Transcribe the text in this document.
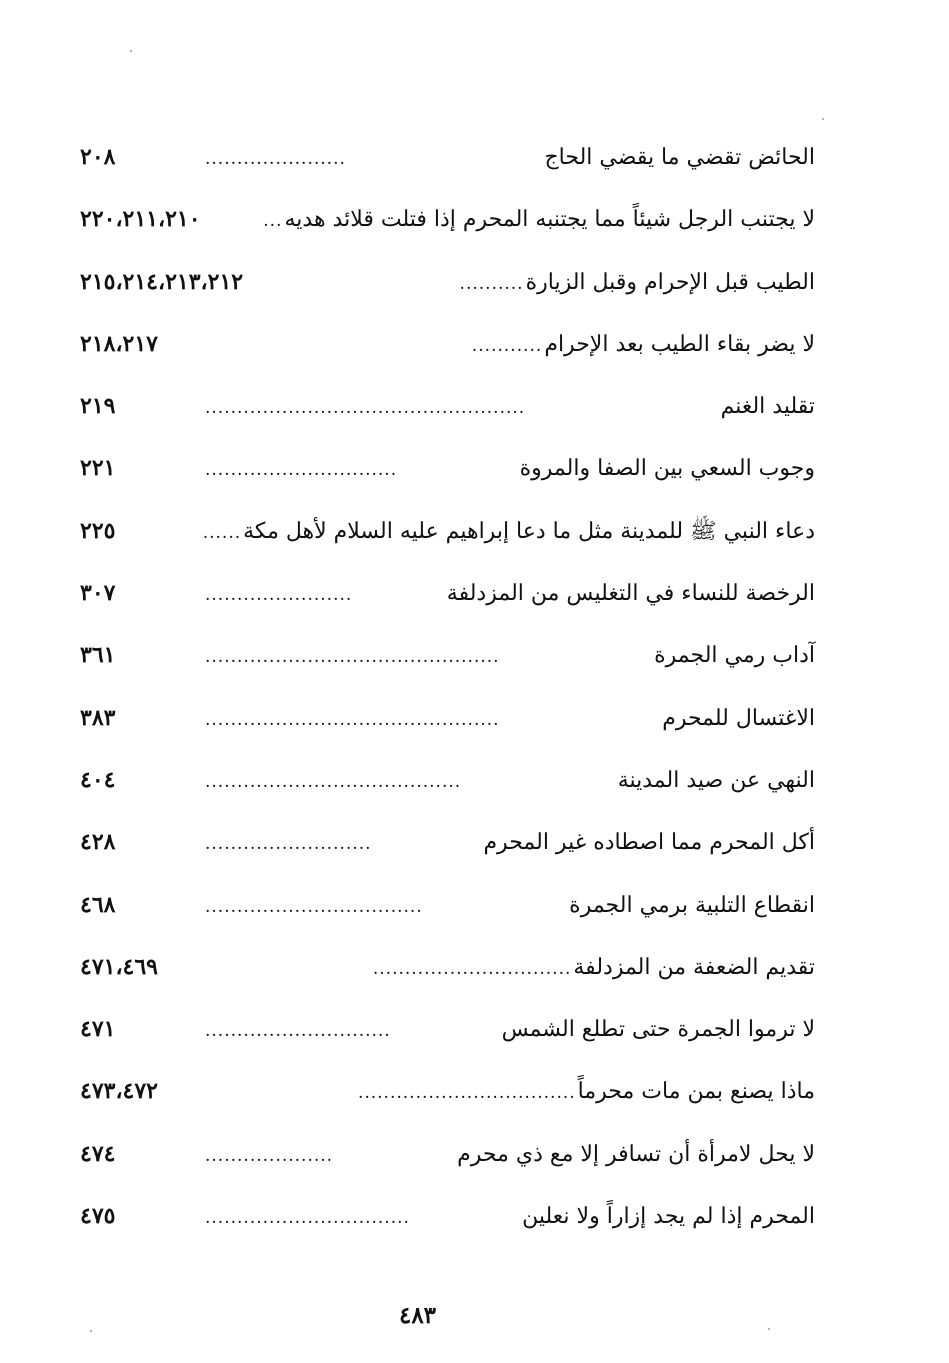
الحائض تقضي ما يقضي الحاج
......................
٢٠٨
لا يجتنب الرجل شيئاً مما يجتنبه المحرم إذا فتلت قلائد هديه
...
٢٢٠،٢١١،٢١٠
الطيب قبل الإحرام وقبل الزيارة
..........
٢١٥،٢١٤،٢١٣،٢١٢
لا يضر بقاء الطيب بعد الإحرام
...........
٢١٨،٢١٧
تقليد الغنم
..................................................
٢١٩
وجوب السعي بين الصفا والمروة
..............................
٢٢١
دعاء النبي ﷺ للمدينة مثل ما دعا إبراهيم عليه السلام لأهل مكة
......
٢٢٥
الرخصة للنساء في التغليس من المزدلفة
.......................
٣٠٧
آداب رمي الجمرة
..............................................
٣٦١
الاغتسال للمحرم
..............................................
٣٨٣
النهي عن صيد المدينة
........................................
٤٠٤
أكل المحرم مما اصطاده غير المحرم
..........................
٤٢٨
انقطاع التلبية برمي الجمرة
..................................
٤٦٨
تقديم الضعفة من المزدلفة
...............................
٤٧١،٤٦٩
لا ترموا الجمرة حتى تطلع الشمس
.............................
٤٧١
ماذا يصنع بمن مات محرماً
..................................
٤٧٣،٤٧٢
لا يحل لامرأة أن تسافر إلا مع ذي محرم
....................
٤٧٤
المحرم إذا لم يجد إزاراً ولا نعلين
................................
٤٧٥
٤٨٣
